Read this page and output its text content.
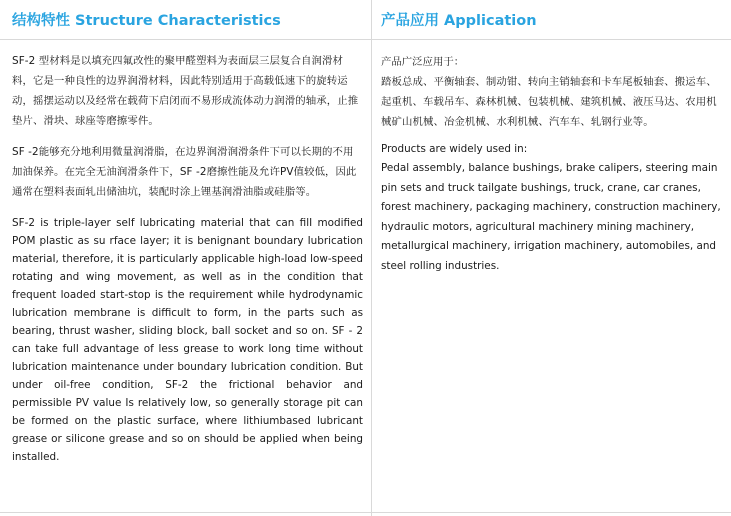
结构特性 Structure Characteristics

SF-2 型材料是以填充四氟改性的聚甲醛塑料为表面层三层复合自润滑材料，它是一种良性的边界润滑材料，因此特别适用于高载低速下的旋转运动，摇摆运动以及经常在载荷下启闭而不易形成流体动力润滑的轴承，止推垫片、滑块、球座等磨擦零件。

SF -2能够充分地利用微量润滑脂，在边界润滑润滑条件下可以长期的不用加油保养。在完全无油润滑条件下，SF -2磨擦性能及允许PV值较低，因此通常在塑料表面轧出储油坑，装配时涂上锂基润滑油脂或硅脂等。

SF-2 is triple-layer self lubricating material that can filI modified POM plastic as su rface layer; it is benignant boundary Iubrication materiaI, therefore, it is particularly applicable high-load low-speed rotating and wing movement, as well as in the condition that frequent loaded start-stop is the requirement while hydrodynamic lubrication membrane is difficult to form, in the parts such as bearing, thrust washer, sliding block, ball socket and so on. SF - 2 can take full advantage of less grease to work long time without lubrication maintenance under boundary Iubrication condition. But under oil-free condition, SF-2 the frictional behavior and permissible PV value Is relatively low, so generally storage pit can be formed on the plastic surface, where lithiumbased lubricant grease or silicone grease and so on should be applied when being installed.

产品应用 Application

产品广泛应用于：

踏板总成、平衡轴套、制动钳、转向主销轴套和卡车尾板轴套、搬运车、起重机、车载吊车、森林机械、包装机械、建筑机械、液压马达、农用机械矿山机械、冶金机械、水利机械、汽车车、轧钢行业等。

Products are widely used in:

Pedal assembly, balance bushings, brake calipers, steering main pin sets and truck tailgate bushings, truck, crane, car cranes, forest machinery, packaging machinery, construction machinery, hydraulic motors, agricultural machinery mining machinery, metallurgical machinery, irrigation machinery, automobiles, and steel rolling industries.
